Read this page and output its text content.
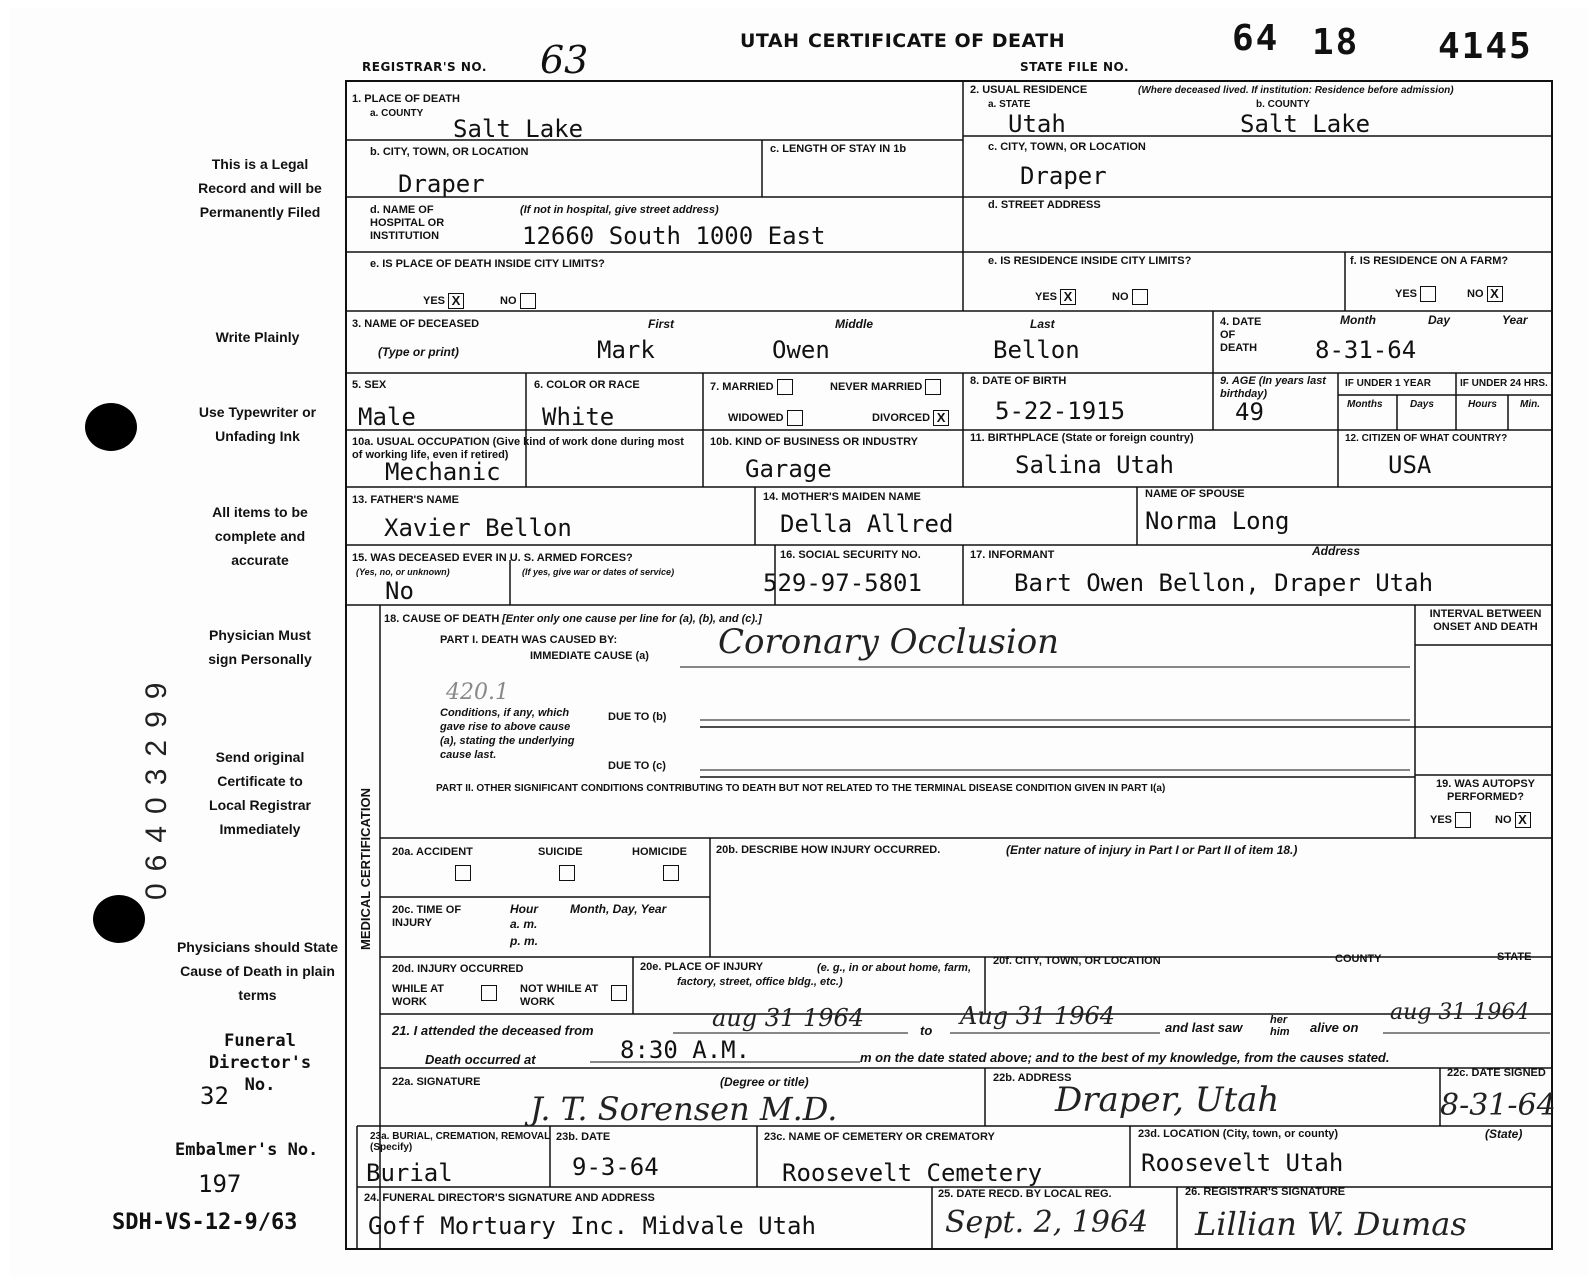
REGISTRAR'S NO. 63	UTAH CERTIFICATE OF DEATH
STATE FILE NO.
64 18 4145
This is a Legal Record and will be Permanently Filed
Write Plainly
Use Typewriter or Unfading Ink
All items to be complete and accurate
Physician Must sign Personally
Send original Certificate to Local Registrar Immediately
Physicians should State Cause of Death in plain terms
Funeral Director's No.
32
Embalmer's No.
197
SDH-VS-12-9/63
06403299
1. PLACE OF DEATH
a. COUNTY
Salt Lake
2. USUAL RESIDENCE	(Where deceased lived. If institution: Residence before admission)
a. STATE	b. COUNTY
Utah	Salt Lake
b. CITY, TOWN, OR LOCATION
Draper
c. LENGTH OF STAY IN 1b	c. CITY, TOWN, OR LOCATION
Draper
d. NAME OF HOSPITAL OR INSTITUTION
(If not in hospital, give street address)
12660 South 1000 East
d. STREET ADDRESS
e. IS PLACE OF DEATH INSIDE CITY LIMITS?
YES X	NO
e. IS RESIDENCE INSIDE CITY LIMITS?
YES X	NO
f. IS RESIDENCE ON A FARM?
YES	NO X
3. NAME OF DECEASED
(Type or print)
First	Middle	Last
Mark	Owen	Bellon
4. DATE OF DEATH
Month	Day	Year
8-31-64
5. SEX
Male
6. COLOR OR RACE
White
7. MARRIED	NEVER MARRIED
WIDOWED	DIVORCED X
8. DATE OF BIRTH
5-22-1915
9. AGE (In years last birthday)
49
IF UNDER 1 YEAR	IF UNDER 24 HRS.
Months	Days	Hours Min.
10a. USUAL OCCUPATION (Give kind of work done during most of working life, even if retired)
Mechanic
10b. KIND OF BUSINESS OR INDUSTRY
Garage
11. BIRTHPLACE (State or foreign country)
Salina Utah
12. CITIZEN OF WHAT COUNTRY?
USA
13. FATHER'S NAME
Xavier Bellon
14. MOTHER'S MAIDEN NAME
Della Allred
NAME OF SPOUSE
Norma Long
15. WAS DECEASED EVER IN U. S. ARMED FORCES?
(Yes, no, or unknown)	(If yes, give war or dates of service)
No
16. SOCIAL SECURITY NO.
529-97-5801
17. INFORMANT	Address
Bart Owen Bellon, Draper Utah
MEDICAL CERTIFICATION
18. CAUSE OF DEATH [Enter only one cause per line for (a), (b), and (c).]
PART I. DEATH WAS CAUSED BY:
IMMEDIATE CAUSE (a) Coronary Occlusion
420.1
INTERVAL BETWEEN ONSET AND DEATH
Conditions, if any, which gave rise to above cause (a), stating the underlying cause last.
DUE TO (b)
DUE TO (c)
PART II. OTHER SIGNIFICANT CONDITIONS CONTRIBUTING TO DEATH BUT NOT RELATED TO THE TERMINAL DISEASE CONDITION GIVEN IN PART I(a)	19. WAS AUTOPSY PERFORMED?
YES	NO X
20a. ACCIDENT	SUICIDE	HOMICIDE	20b. DESCRIBE HOW INJURY OCCURRED.	(Enter nature of injury in Part I or Part II of item 18.)
20c. TIME OF INJURY
Hour
a. m.
p. m.
Month, Day, Year
20d. INJURY OCCURRED
WHILE AT WORK
NOT WHILE AT WORK
20e. PLACE OF INJURY	(e. g., in or about home, farm, factory, street, office bldg., etc.)
20f. CITY, TOWN, OR LOCATION	COUNTY	STATE
21. I attended the deceased from	aug 31 1964	to
Aug 31 1964	and last saw	her him	alive on
aug 31 1964
Death occurred at	8:30 A.M.	m on the date stated above; and to the best of my knowledge, from the causes stated.
22a. SIGNATURE	(Degree or title)
J. T. Sorensen M.D.
22b. ADDRESS
Draper, Utah
22c. DATE SIGNED
8-31-64
23a. BURIAL, CREMATION, REMOVAL (Specify)
Burial
23b. DATE
9-3-64
23c. NAME OF CEMETERY OR CREMATORY
Roosevelt Cemetery
23d. LOCATION (City, town, or county)	(State)
Roosevelt Utah
24. FUNERAL DIRECTOR'S SIGNATURE AND ADDRESS
Goff Mortuary Inc. Midvale Utah
25. DATE RECD. BY LOCAL REG.
Sept. 2, 1964
26. REGISTRAR'S SIGNATURE
Lillian W. Dumas
